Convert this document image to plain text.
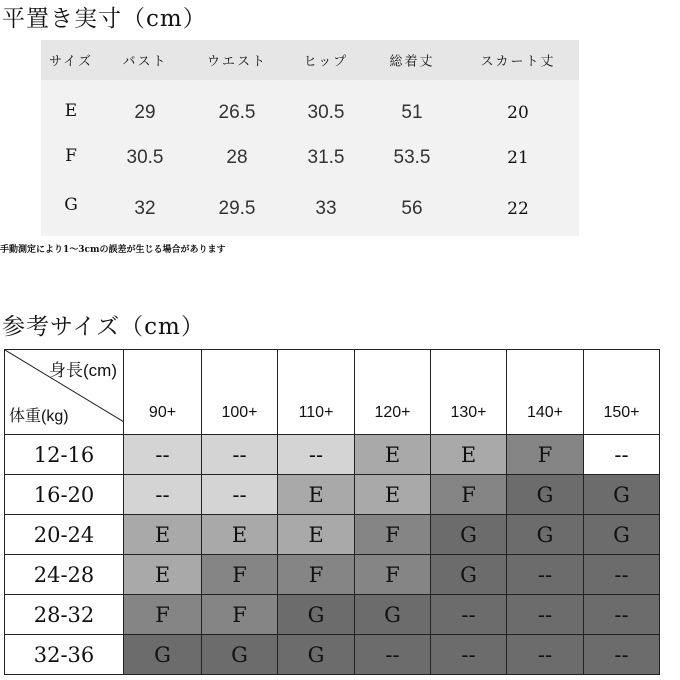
平置き実寸（cm）
サイズ バスト	ウエスト	ヒップ	総着丈	スカート丈
E	29	26.5	30.5	51	20
F	30.5	28	31.5	53.5	21
G	32	29.5	33	56	22
手動測定により1〜3cmの誤差が生じる場合があります
参考サイズ（cm）
身長(cm)
体重(kg)	90+	100+	110+	120+	130+	140+	150+
12-16	--	--	--	E	E	F	--
16-20	--	--	E	E	F	G	G
20-24	E	E	E	F	G	G	G
24-28	E	F	F	F	G	--	--
28-32	F	F	G	G	--	--	--
32-36	G	G	G	--	--	--	--
